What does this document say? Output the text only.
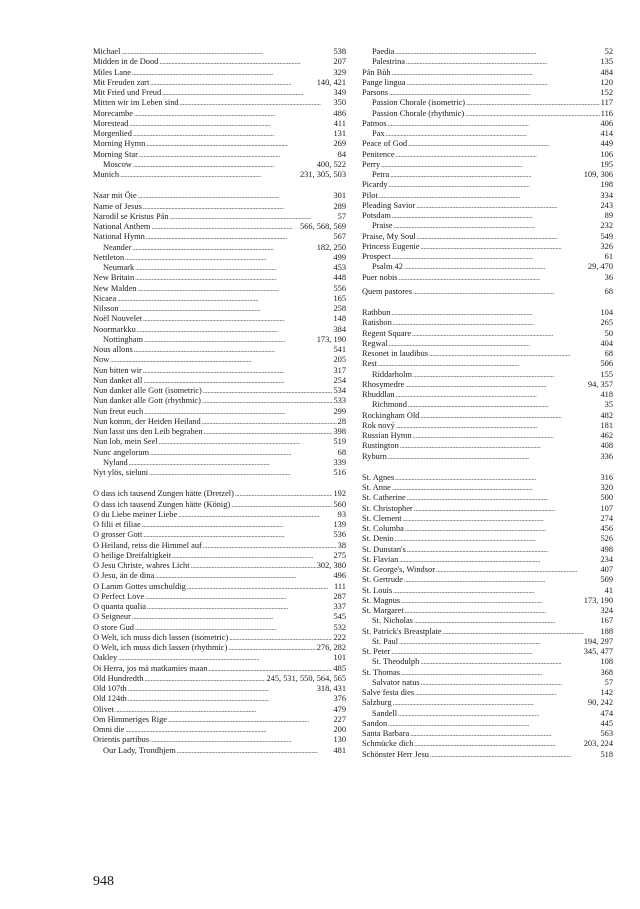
Michael . . .	538
Midden in de Dood . . .	207
Miles Lane . . .	329
Mit Freuden zart . . .	140, 421
Mit Fried und Freud . . .	349
Mitten wir im Leben sind . . .	350
Morecambe . . .	486
Morestead . . .	411
Morgenlied . . .	131
Morning Hymn . . .	269
Morning Star . . .	84
Moscow . . .	400, 522
Munich . . .	231, 305, 503
Naar mit Öie . . .	301
Name of Jesus . . .	289
Narodil se Kristus Pán . . .	57
National Anthem . . .	566, 568, 569
National Hymn . . .	567
Neander . . .	182, 250
Nettleton . . .	499
Neumark . . .	453
New Britain . . .	448
New Malden . . .	556
Nicaea . . .	165
Nilsson . . .	258
Noël Nouvelet . . .	148
Noormarkku . . .	384
Nottingham . . .	173, 190
Nous allons . . .	541
Now . . .	205
Nun bitten wir . . .	317
Nun danket all . . .	254
Nun danket alle Gott (isometric) . . .	534
Nun danket alle Gott (rhythmic) . . .	533
Nun freut euch . . .	299
Nun komm, der Heiden Heiland . . .	28
Nun lasst uns den Leib begraben . . .	398
Nun lob, mein Seel . . .	519
Nunc angelorum . . .	68
Nyland . . .	339
Nyt ylös, sieluni . . .	516
O dass ich tausend Zungen hätte (Dretzel) . . .	192
O dass ich tausend Zungen hätte (König) . . .	560
O du Liebe meiner Liebe . . .	93
O filii et filiae . . .	139
O grosser Gott . . .	536
O Heiland, reiss die Himmel auf . . .	38
O heilige Dreifaltigkeit . . .	275
O Jesu Christe, wahres Licht . . .	302, 380
O Jesu, än de dina . . .	496
O Lamm Gottes unschuldig . . .	111
O Perfect Love . . .	287
O quanta qualia . . .	337
O Seigneur . . .	545
O store Gud . . .	532
O Welt, ich muss dich lassen (isometric) . . .	222
O Welt, ich muss dich lassen (rhythmic) . . .	276, 282
Oakley . . .	101
Oi Herra, jos mä matkamies maan . . .	485
Old Hundredth . . .	245, 531, 550, 564, 565
Old 107th . . .	318, 431
Old 124th . . .	376
Olivet . . .	479
Om Himmeriges Rige . . .	227
Omni die . . .	200
Orientis partibus . . .	130
Our Lady, Trondhjem . . .	481
Paedia . . .	52
Palestrina . . .	135
Pán Bůh . . .	484
Pange lingua . . .	120
Parsons . . .	152
Passion Chorale (isometric) . . .	117
Passion Chorale (rhythmic) . . .	116
Patmos . . .	406
Pax . . .	414
Peace of God . . .	449
Penitence . . .	106
Perry . . .	195
Petra . . .	109, 306
Picardy . . .	198
Pilot . . .	334
Pleading Savior . . .	243
Potsdam . . .	89
Praise . . .	232
Praise, My Soul . . .	549
Princess Eugenie . . .	326
Prospect . . .	61
Psalm 42 . . .	29, 470
Puer nobis . . .	36
Quem pastores . . .	68
Rathbun . . .	104
Ratisbon . . .	265
Regent Square . . .	50
Regwal . . .	404
Resonet in laudibus . . .	68
Rest . . .	506
Riddarholm . . .	155
Rhosymedre . . .	94, 357
Rhuddlan . . .	418
Richmond . . .	35
Rockingham Old . . .	482
Rok nový . . .	181
Russian Hymn . . .	462
Rustington . . .	408
Ryburn . . .	336
St. Agnes . . .	316
St. Anne . . .	320
St. Catherine . . .	500
St. Christopher . . .	107
St. Clement . . .	274
St. Columba . . .	456
St. Denio . . .	526
St. Dunstan's . . .	498
St. Flavian . . .	234
St. George's, Windsor . . .	407
St. Gertrude . . .	509
St. Louis . . .	41
St. Magnus . . .	173, 190
St. Margaret . . .	324
St. Nicholas . . .	167
St. Patrick's Breastplate . . .	188
St. Paul . . .	194, 297
St. Peter . . .	345, 477
St. Theodulph . . .	108
St. Thomas . . .	368
Salvator natus . . .	57
Salve festa dies . . .	142
Salzburg . . .	90, 242
Sandell . . .	474
Sandon . . .	445
Santa Barbara . . .	563
Schmücke dich . . .	203, 224
Schönster Herr Jesu . . .	518
948
